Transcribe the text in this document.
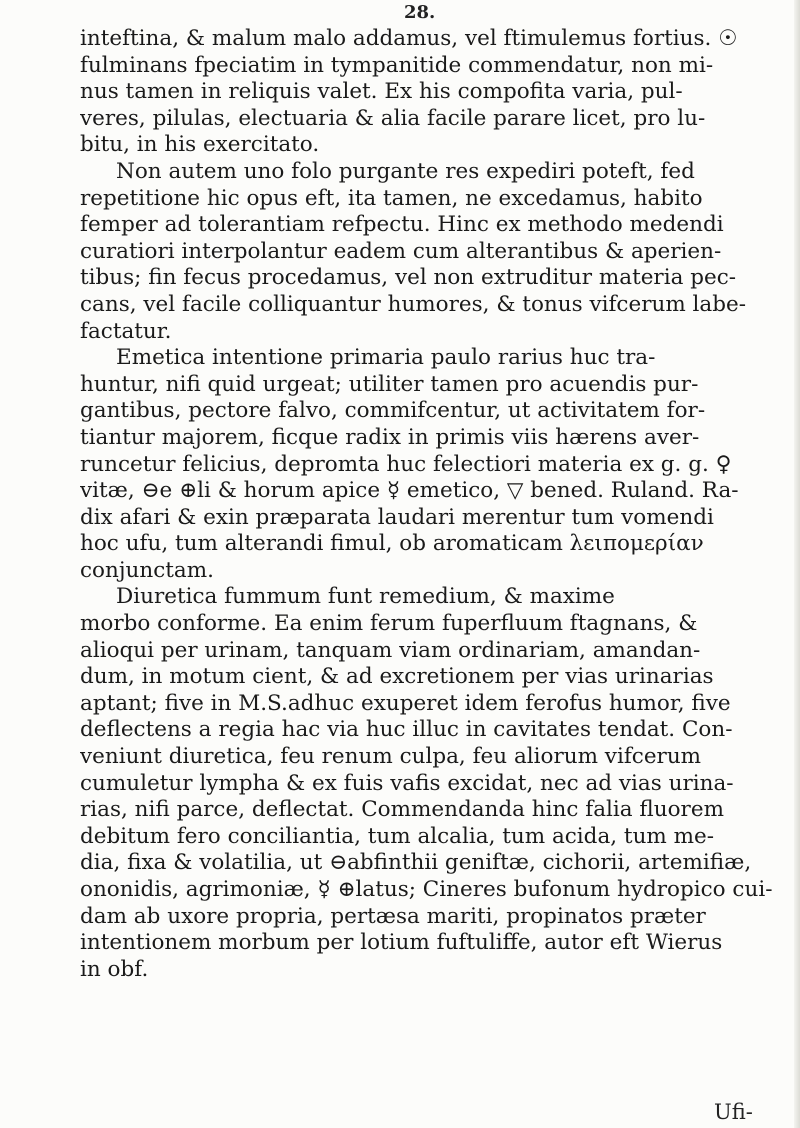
28.
inteftina, & malum malo addamus, vel ftimulemus fortius. ☉
fulminans fpeciatim in tympanitide commendatur, non mi-
nus tamen in reliquis valet. Ex his compofita varia, pul-
veres, pilulas, electuaria & alia facile parare licet, pro lu-
bitu, in his exercitato.
Non autem uno folo purgante res expediri poteft, fed
repetitione hic opus eft, ita tamen, ne excedamus, habito
femper ad tolerantiam refpectu. Hinc ex methodo medendi
curatiori interpolantur eadem cum alterantibus & aperien-
tibus; fin fecus procedamus, vel non extruditur materia pec-
cans, vel facile colliquantur humores, & tonus vifcerum labe-
factatur.
Emetica intentione primaria paulo rarius huc tra-
huntur, nifi quid urgeat; utiliter tamen pro acuendis pur-
gantibus, pectore falvo, commifcentur, ut activitatem for-
tiantur majorem, ficque radix in primis viis hærens aver-
runcetur felicius, depromta huc felectiori materia ex g. g. ♀
vitæ, ⊖e ⊕li & horum apice ☿ emetico, ▽ bened. Ruland. Ra-
dix afari & exin præparata laudari merentur tum vomendi
hoc ufu, tum alterandi fimul, ob aromaticam λειπομερίαν
conjunctam.
Diuretica fummum funt remedium, & maxime
morbo conforme. Ea enim ferum fuperfluum ftagnans, &
alioqui per urinam, tanquam viam ordinariam, amandan-
dum, in motum cient, & ad excretionem per vias urinarias
aptant; five in M.S.adhuc exuperet idem ferofus humor, five
deflectens a regia hac via huc illuc in cavitates tendat. Con-
veniunt diuretica, feu renum culpa, feu aliorum vifcerum
cumuletur lympha & ex fuis vafis excidat, nec ad vias urina-
rias, nifi parce, deflectat. Commendanda hinc falia fluorem
debitum fero conciliantia, tum alcalia, tum acida, tum me-
dia, fixa & volatilia, ut ⊖abfinthii geniftæ, cichorii, artemifiæ,
ononidis, agrimoniæ, ☿ ⊕latus; Cineres bufonum hydropico cui-
dam ab uxore propria, pertæsa mariti, propinatos præter
intentionem morbum per lotium fuftuliffe, autor eft Wierus
in obf.
Ufi-
